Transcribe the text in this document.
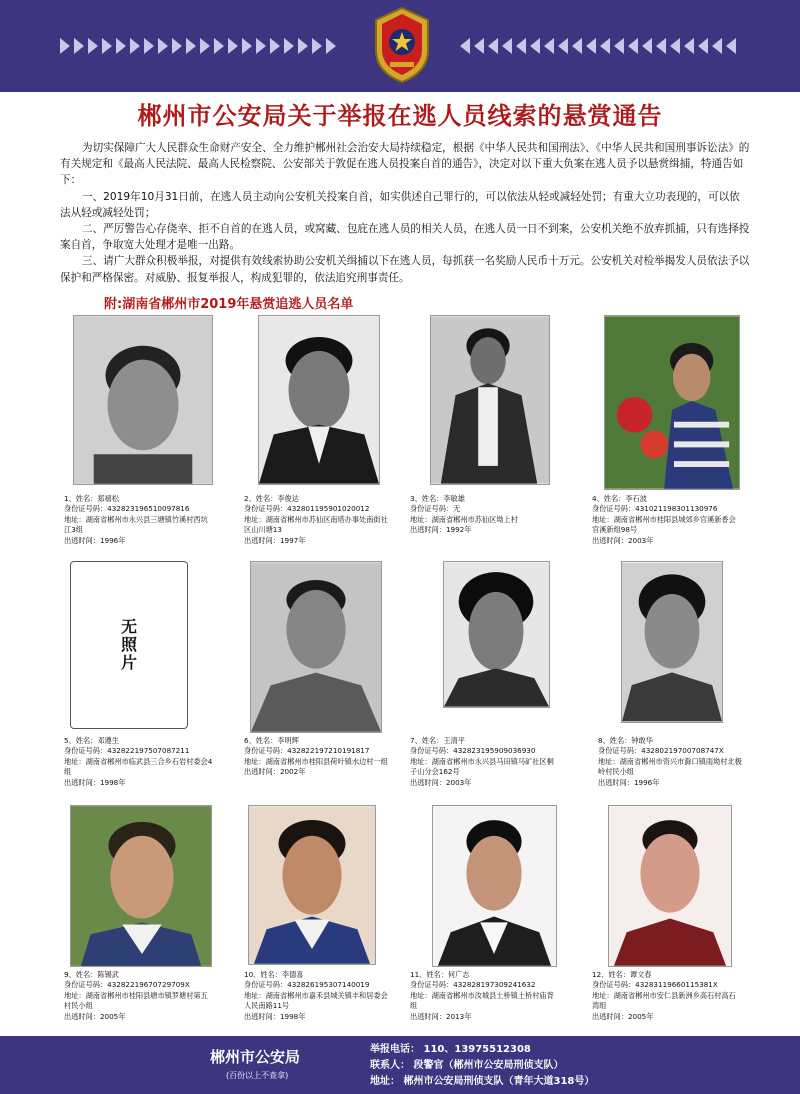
郴州市公安局关于举报在逃人员线索的悬赏通告

为切实保障广大人民群众生命财产安全、全力维护郴州社会治安大局持续稳定，根据《中华人民共和国刑法》、《中华人民共和国刑事诉讼法》的有关规定和《最高人民法院、最高人民检察院、公安部关于敦促在逃人员投案自首的通告》，决定对以下重大负案在逃人员予以悬赏缉捕，特通告如下：

一、2019年10月31日前，在逃人员主动向公安机关投案自首，如实供述自己罪行的，可以依法从轻或减轻处罚；有重大立功表现的，可以依法从轻或减轻处罚；

二、严厉警告心存侥幸、拒不自首的在逃人员，或窝藏、包庇在逃人员的相关人员，在逃人员一日不到案，公安机关绝不放弃抓捕，只有选择投案自首，争取宽大处理才是唯一出路。

三、请广大群众积极举报，对提供有效线索协助公安机关缉捕以下在逃人员，每抓获一名奖励人民币十万元。公安机关对检举揭发人员依法予以保护和严格保密。对威胁、报复举报人，构成犯罪的，依法追究刑事责任。

附:湖南省郴州市2019年悬赏追逃人员名单
1、姓名：郑禧松
身份证号码：432823196510097816
地址：湖南省郴州市永兴县三塘镇竹溪村西坑江3组
出逃时间：1996年
2、姓名：李俊达
身份证号码：432801195901020012
地址：湖南省郴州市苏仙区南塔办事处南街社区山川塘13
出逃时间：1997年
3、姓名：李敏雄
身份证号码：无
地址：湖南省郴州市苏仙区坳上村
出逃时间：1992年
4、姓名：李石波
身份证号码：431021198301130976
地址：湖南省郴州市桂阳县城郊乡官溪新香会官溪新组98号
出逃时间：2003年
无照片
5、姓名：邓遵生
身份证号码：432822197507087211
地址：湖南省郴州市临武县三合乡石岩村委会4组
出逃时间：1998年
6、姓名：李明辉
身份证号码：432822197210191817
地址：湖南省郴州市桂阳县荷叶镇水边村一组
出逃时间：2002年
7、姓名：王清平
身份证号码：432823195909036930
地址：湖南省郴州市永兴县马田镇马矿社区桐子山分会162号
出逃时间：2003年
8、姓名：钟敢华
身份证号码：43280219700708747X
地址：湖南省郴州市资兴市滁口镇雨坳村北极岭村民小组
出逃时间：1996年
9、姓名：陈锡武
身份证号码：43282219670729709X
地址：湖南省郴州市桂阳县塘市镇罗塘村第五村民小组
出逃时间：2005年
10、姓名：李德喜
身份证号码：432826195307140019
地址：湖南省郴州市嘉禾县城关镇丰和居委会人民南路11号
出逃时间：1998年
11、姓名：何广志
身份证号码：432828197309241632
地址：湖南省郴州市汝城县土桥镇土桥村庙背组
出逃时间：2013年
12、姓名：谭文春
身份证号码：43283119660115381X
地址：湖南省郴州市安仁县新洲乡高石村高石湾组
出逃时间：2005年
郴州市公安局
(百份以上不查拿)
举报电话： 110、13975512308
联系人： 段警官（郴州市公安局刑侦支队）
地址： 郴州市公安局刑侦支队（青年大道318号）
